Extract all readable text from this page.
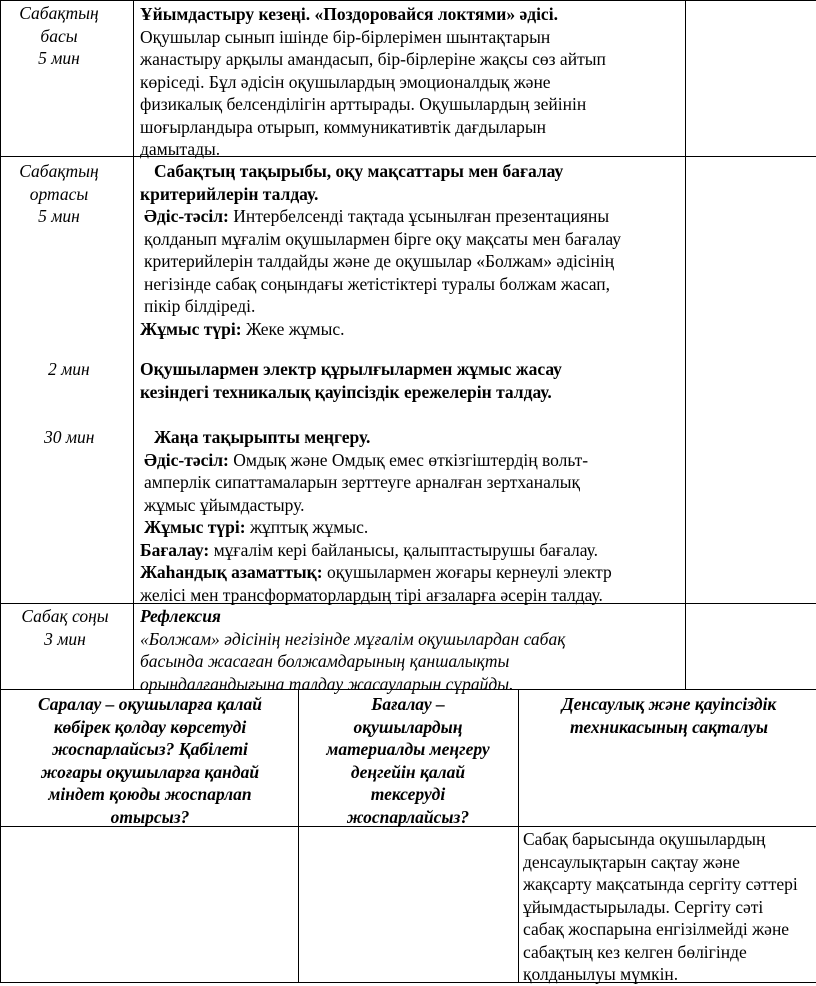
Сабақтың

басы

5 мин

Ұйымдастыру кезеңі. «Поздоровайся локтями» әдісі.

Оқушылар сынып ішінде бір-бірлерімен шынтақтарын

жанастыру арқылы амандасып, бір-бірлеріне жақсы сөз айтып

көріседі. Бұл әдісін оқушылардың эмоционалдық және

физикалық белсенділігін арттырады. Оқушылардың зейінін

шоғырландыра отырып, коммуникативтік дағдыларын

дамытады.

Сабақтың

ортасы

5 мин

Сабақтың тақырыбы, оқу мақсаттары мен бағалау

критерийлерін талдау.

Әдіс-тәсіл: Интербелсенді тақтада ұсынылған презентацияны

қолданып мұғалім оқушылармен бірге оқу мақсаты мен бағалау

критерийлерін талдайды және де оқушылар «Болжам» әдісінің

негізінде сабақ соңындағы жетістіктері туралы болжам жасап,

пікір білдіреді.

Жұмыс түрі: Жеке жұмыс.

2 мин	Оқушылармен электр құрылғылармен жұмыс жасау

кезіндегі техникалық қауіпсіздік ережелерін талдау.

30 мин	Жаңа тақырыпты меңгеру.

Әдіс-тәсіл: Омдық және Омдық емес өткізгіштердің вольт-

амперлік сипаттамаларын зерттеуге арналған зертханалық

жұмыс ұйымдастыру.

Жұмыс түрі: жұптық жұмыс.

Бағалау: мұғалім кері байланысы, қалыптастырушы бағалау.

Жаһандық азаматтық: оқушылармен жоғары кернеулі электр

желісі мен трансформаторлардың тірі ағзаларға әсерін талдау.

Сабақ соңы

3 мин

Рефлексия

«Болжам» әдісінің негізінде мұғалім оқушылардан сабақ

басында жасаған болжамдарының қаншалықты

орындалғандығына талдау жасауларын сұрайды.

Саралау – оқушыларға қалай

көбірек қолдау көрсетуді

жоспарлайсыз? Қабілеті

жоғары оқушыларға қандай

міндет қоюды жоспарлап

отырсыз?

Бағалау –

оқушылардың

материалды меңгеру

деңгейін қалай

тексеруді

жоспарлайсыз?

Денсаулық және қауіпсіздік

техникасының сақталуы

Сабақ барысында оқушылардың

денсаулықтарын сақтау және

жақсарту мақсатында сергіту сәттері

ұйымдастырылады. Сергіту сәті

сабақ жоспарына енгізілмейді және

сабақтың кез келген бөлігінде

қолданылуы мүмкін.
